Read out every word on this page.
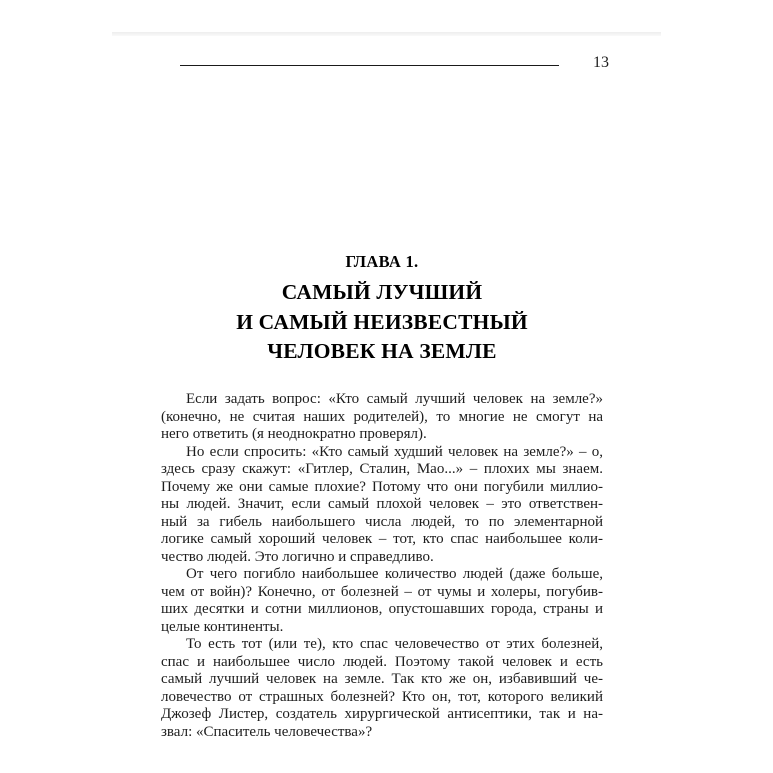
13
ГЛАВА 1.
САМЫЙ ЛУЧШИЙ
И САМЫЙ НЕИЗВЕСТНЫЙ
ЧЕЛОВЕК НА ЗЕМЛЕ
Если задать вопрос: «Кто самый лучший человек на земле?»
(конечно, не считая наших родителей), то многие не смогут на
него ответить (я неоднократно проверял).
Но если спросить: «Кто самый худший человек на земле?» – о,
здесь сразу скажут: «Гитлер, Сталин, Мао...» – плохих мы знаем.
Почему же они самые плохие? Потому что они погубили миллио-
ны людей. Значит, если самый плохой человек – это ответствен-
ный за гибель наибольшего числа людей, то по элементарной
логике самый хороший человек – тот, кто спас наибольшее коли-
чество людей. Это логично и справедливо.
От чего погибло наибольшее количество людей (даже больше,
чем от войн)? Конечно, от болезней – от чумы и холеры, погубив-
ших десятки и сотни миллионов, опустошавших города, страны и
целые континенты.
То есть тот (или те), кто спас человечество от этих болезней,
спас и наибольшее число людей. Поэтому такой человек и есть
самый лучший человек на земле. Так кто же он, избавивший че-
ловечество от страшных болезней? Кто он, тот, которого великий
Джозеф Листер, создатель хирургической антисептики, так и на-
звал: «Спаситель человечества»?
